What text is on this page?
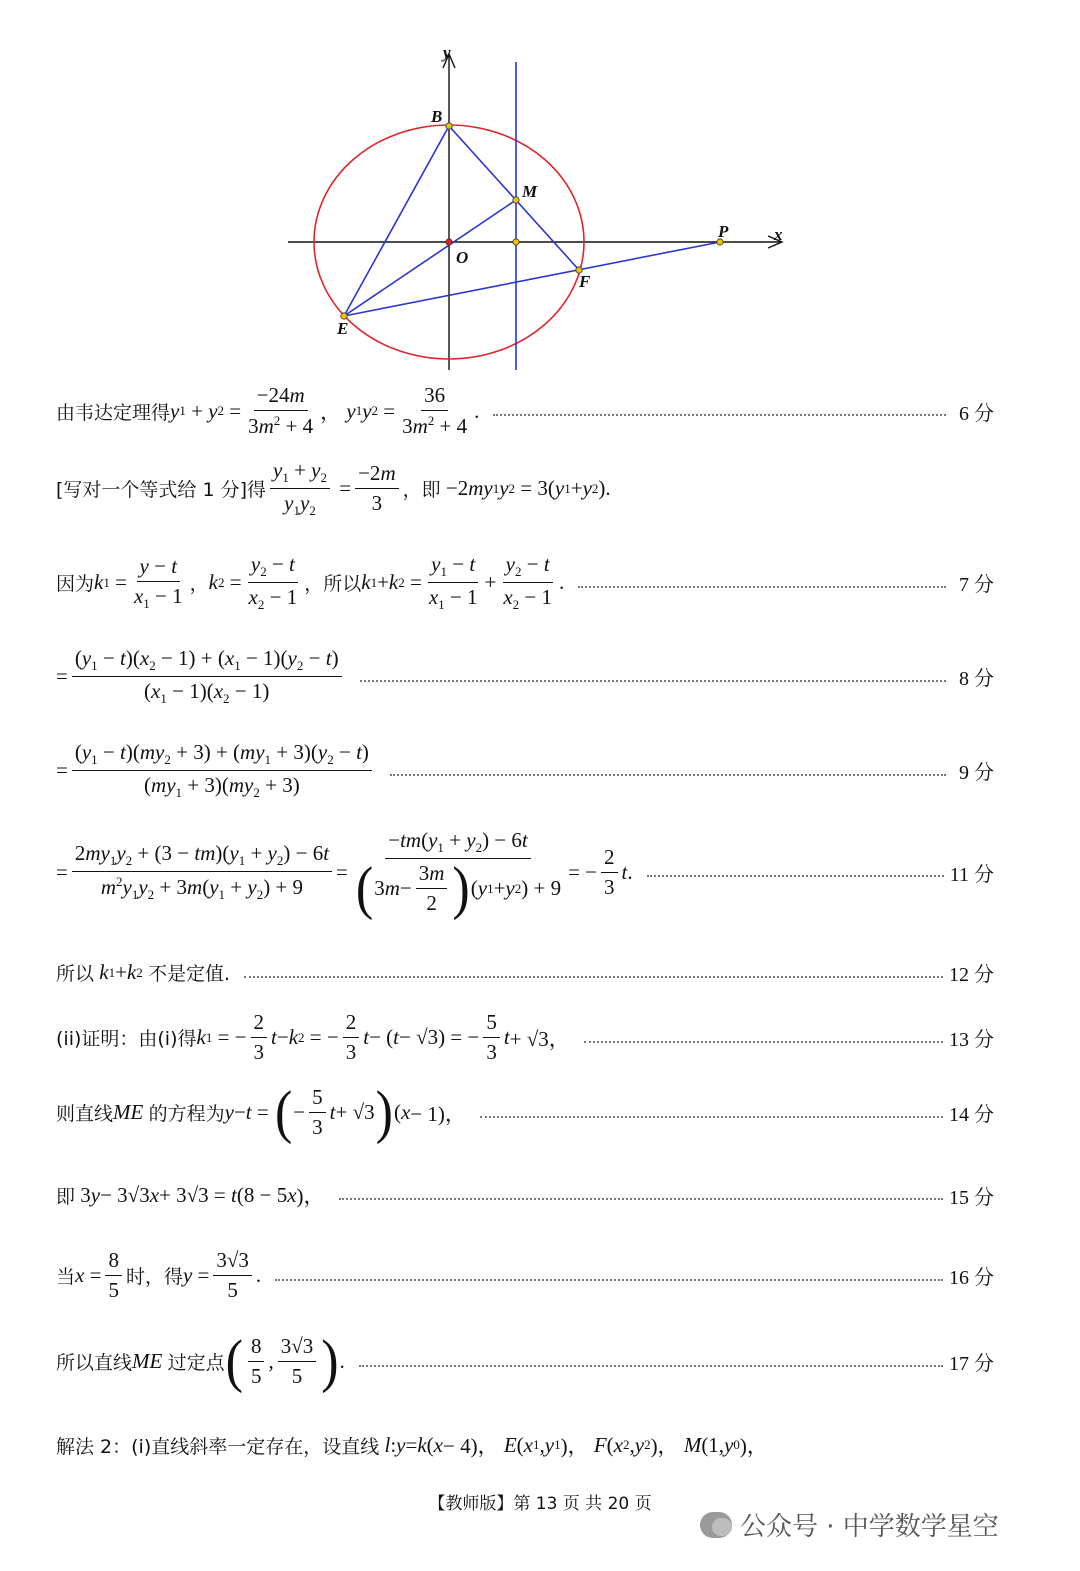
y
x
B
M
O
P
F
E
由韦达定理得 y 1 + y $2 = \frac{-24m}{3m^2 + 4}$ ， y 1 y $2 = \frac{36}{3m^2 + 4}$ .	6 分
[写对一个等式给 1 分]得 $\frac{y_1 + y_2}{y_1y_2} = \frac{-2m}{3}$ ，即 −2 my 1 y 2 = 3( y 1 + y 2 ).
因为 k $1 = \frac{y - t}{x_1 - 1}$ ， k $2 = \frac{y_2 - t}{x_2 - 1}$ ，所以 k 1 + k $2 = \frac{y_1 - t}{x_1 - 1} + \frac{y_2 - t}{x_2 - 1}$ .	7 分
= $\frac{(y_1 - t)(x_2 - 1) + (x_1 - 1)(y_2 - t)}{(x_1 - 1)(x_2 - 1)}$	8 分
= $\frac{(y_1 - t)(my_2 + 3) + (my_1 + 3)(y_2 - t)}{(my_1 + 3)(my_2 + 3)}$	9 分
= $\frac{2my_1y_2 + (3 - tm)(y_1 + y_2) - 6t}{m^2y_1y_2 + 3m(y_1 + y_2) + 9} = \frac{-tm(y_1 + y_2) - 6t}{( 3 m - \frac{3m}{2} ) ( y 1 + y 2 ) + 9}$ = − $\frac{2}{3}$ t .	11 分
所以
k 1 + k 2
不是定值.	12 分
(ii)证明：由(i)得 k 1 = − $\frac{2}{3}$ t − k 2 = − $\frac{2}{3}$ t − ( t − √3) = − $\frac{5}{3}$ t + √3，	13 分
则直线 ME
的方程为 y − t = ( − $\frac{5}{3}$ t + √3 ) ( x − 1)，	14 分
即 3 y − 3√3 x + 3√3 = t (8 − 5 x )，	15 分
当 $x = \frac{8}{5}$ 时，得 $y = \frac{3√3}{5}$ .	16 分
所以直线 ME
过定点 ( $\frac{8}{5}$ , $\frac{3√3}{5}$ ) .	17 分
解法 2：(i)直线斜率一定存在，设直线
l : y = k ( x − 4)， E ( x 1 , y 1 )， F ( x 2 , y 2 )， M (1, y 0 )，
【教师版】第 13 页 共 20 页
公众号 · 中学数学星空
